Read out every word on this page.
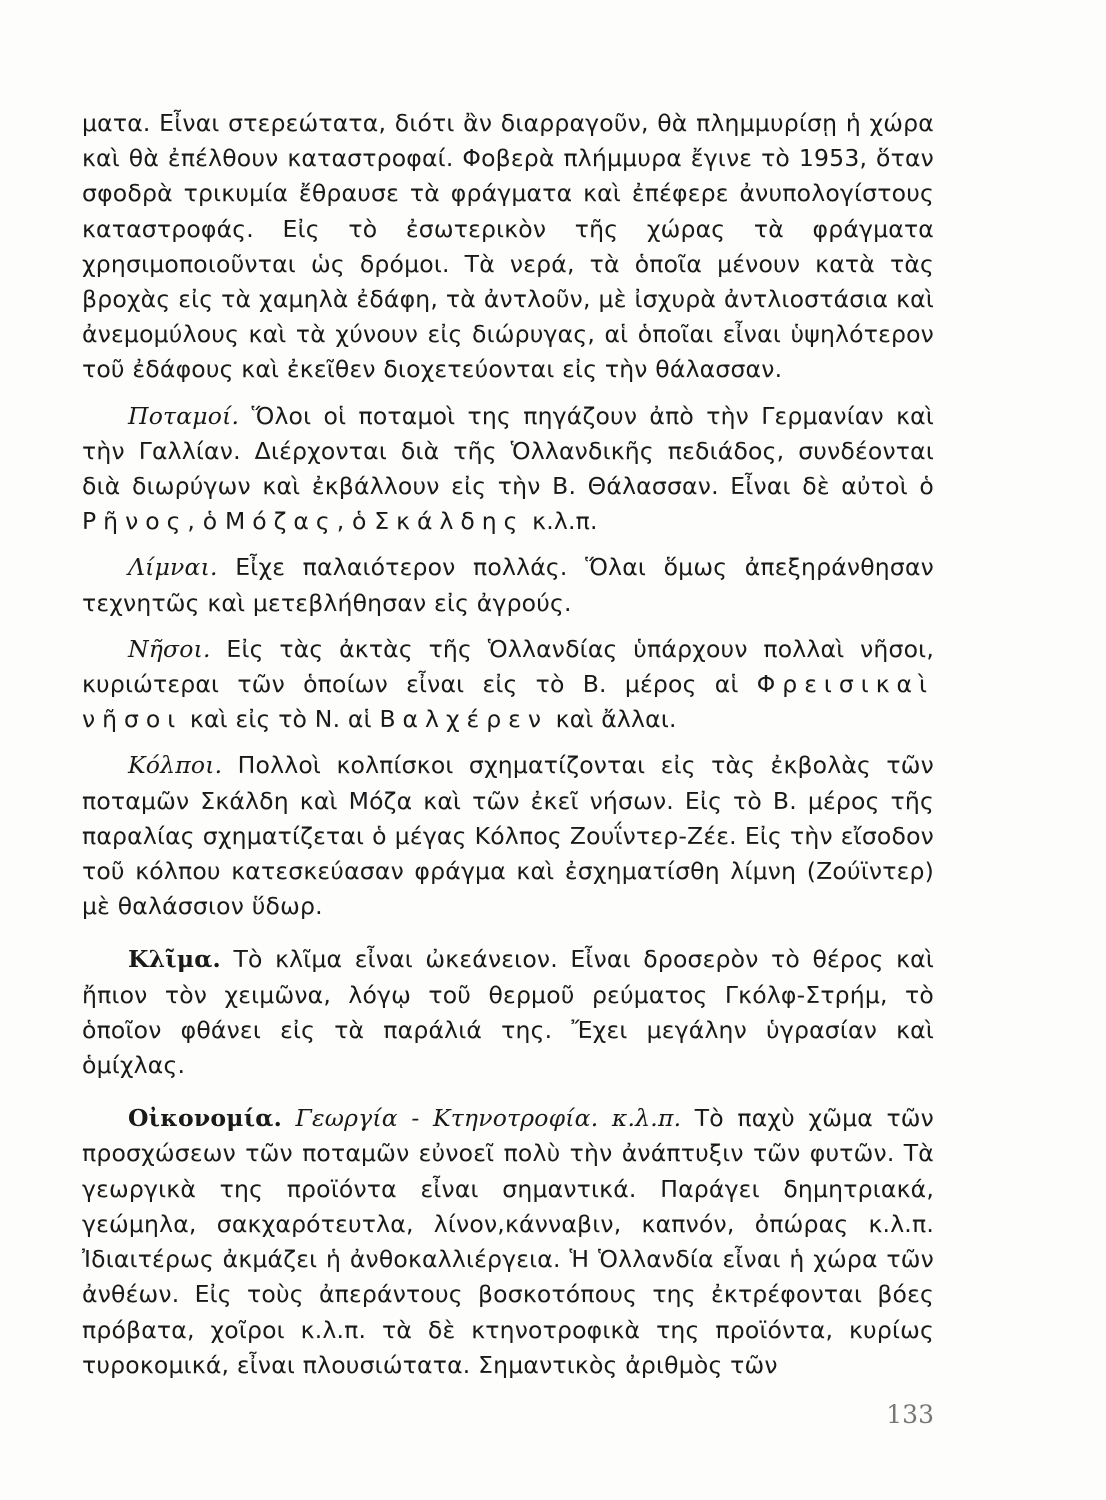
ματα. Εἶναι στερεώτατα, διότι ἂν διαρραγοῦν, θὰ πλημμυρίσῃ ἡ χώρα καὶ θὰ ἐπέλθουν καταστροφαί. Φοβερὰ πλήμμυρα ἔγινε τὸ 1953, ὅταν σφοδρὰ τρικυμία ἔθραυσε τὰ φράγματα καὶ ἐπέφερε ἀνυπολογίστους καταστροφάς. Εἰς τὸ ἐσωτερικὸν τῆς χώρας τὰ φράγματα χρησιμοποιοῦνται ὡς δρόμοι. Τὰ νερά, τὰ ὁποῖα μένουν κατὰ τὰς βροχὰς εἰς τὰ χαμηλὰ ἐδάφη, τὰ ἀντλοῦν, μὲ ἰσχυρὰ ἀντλιοστάσια καὶ ἀνεμομύλους καὶ τὰ χύνουν εἰς διώρυγας, αἱ ὁποῖαι εἶναι ὑψηλότερον τοῦ ἐδάφους καὶ ἐκεῖθεν διοχετεύονται εἰς τὴν θάλασσαν.

Ποταμοί. Ὅλοι οἱ ποταμοὶ της πηγάζουν ἀπὸ τὴν Γερμανίαν καὶ τὴν Γαλλίαν. Διέρχονται διὰ τῆς Ὁλλανδικῆς πεδιάδος, συνδέονται διὰ διωρύγων καὶ ἐκβάλλουν εἰς τὴν Β. Θάλασσαν. Εἶναι δὲ αὐτοὶ ὁ Ρῆνος, ὁ Μόζας, ὁ Σκάλδης κ.λ.π.

Λίμναι. Εἶχε παλαιότερον πολλάς. Ὅλαι ὅμως ἀπεξηράνθησαν τεχνητῶς καὶ μετεβλήθησαν εἰς ἀγρούς.

Νῆσοι. Εἰς τὰς ἀκτὰς τῆς Ὁλλανδίας ὑπάρχουν πολλαὶ νῆσοι, κυριώτεραι τῶν ὁποίων εἶναι εἰς τὸ Β. μέρος αἱ Φρεισικαὶ νῆσοι καὶ εἰς τὸ Ν. αἱ Βαλχέρεν καὶ ἄλλαι.

Κόλποι. Πολλοὶ κολπίσκοι σχηματίζονται εἰς τὰς ἐκβολὰς τῶν ποταμῶν Σκάλδη καὶ Μόζα καὶ τῶν ἐκεῖ νήσων. Εἰς τὸ Β. μέρος τῆς παραλίας σχηματίζεται ὁ μέγας Κόλπος Ζουΐντερ-Ζέε. Εἰς τὴν εἴσοδον τοῦ κόλπου κατεσκεύασαν φράγμα καὶ ἐσχηματίσθη λίμνη (Ζούϊντερ) μὲ θαλάσσιον ὕδωρ.

Κλῖμα. Τὸ κλῖμα εἶναι ὠκεάνειον. Εἶναι δροσερὸν τὸ θέρος καὶ ἤπιον τὸν χειμῶνα, λόγῳ τοῦ θερμοῦ ρεύματος Γκόλφ-Στρήμ, τὸ ὁποῖον φθάνει εἰς τὰ παράλιά της. Ἔχει μεγάλην ὑγρασίαν καὶ ὁμίχλας.

Οἰκονομία. Γεωργία - Κτηνοτροφία. κ.λ.π. Τὸ παχὺ χῶμα τῶν προσχώσεων τῶν ποταμῶν εὐνοεῖ πολὺ τὴν ἀνάπτυξιν τῶν φυτῶν. Τὰ γεωργικὰ της προϊόντα εἶναι σημαντικά. Παράγει δημητριακά, γεώμηλα, σακχαρότευτλα, λίνον,κάνναβιν, καπνόν, ὀπώρας κ.λ.π. Ἰδιαιτέρως ἀκμάζει ἡ ἀνθοκαλλιέργεια. Ἡ Ὁλλανδία εἶναι ἡ χώρα τῶν ἀνθέων. Εἰς τοὺς ἀπεράντους βοσκοτόπους της ἐκτρέφονται βόες πρόβατα, χοῖροι κ.λ.π. τὰ δὲ κτηνοτροφικὰ της προϊόντα, κυρίως τυροκομικά, εἶναι πλουσιώτατα. Σημαντικὸς ἀριθμὸς τῶν

133
